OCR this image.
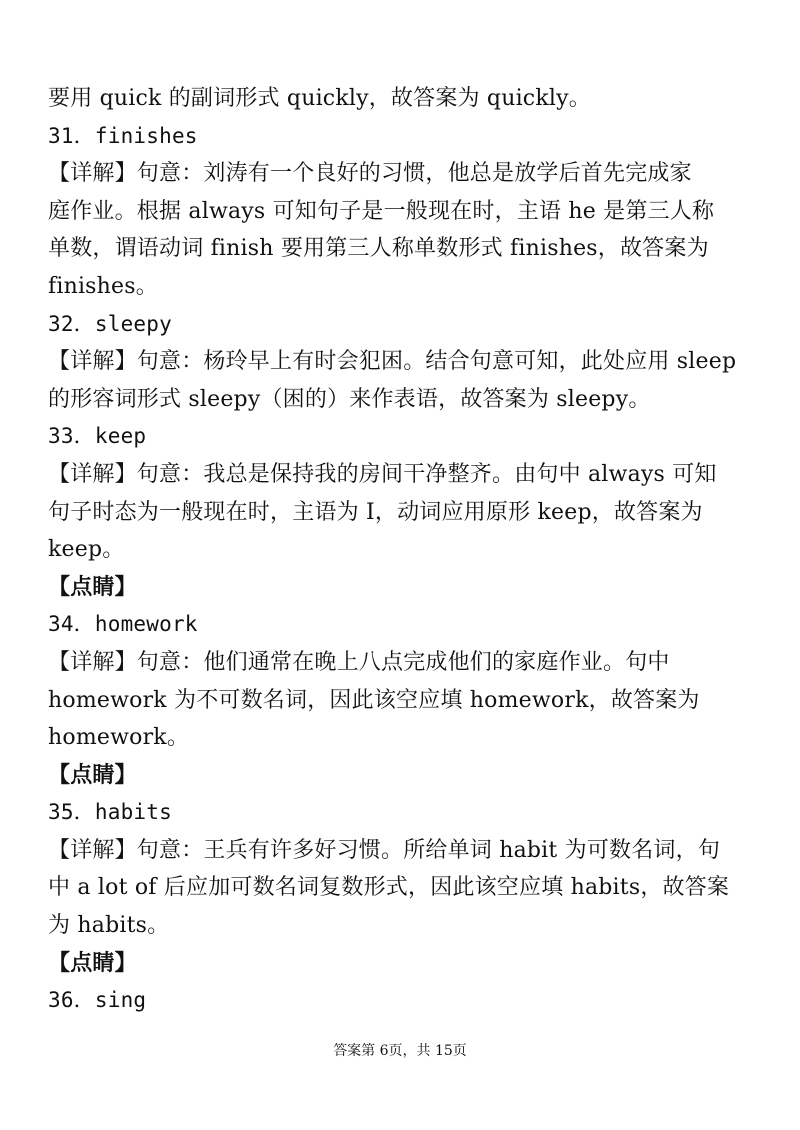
要用 quick 的副词形式 quickly，故答案为 quickly。
31．finishes
【详解】句意：刘涛有一个良好的习惯，他总是放学后首先完成家
庭作业。根据 always 可知句子是一般现在时，主语 he 是第三人称
单数，谓语动词 finish 要用第三人称单数形式 finishes，故答案为
finishes。
32．sleepy
【详解】句意：杨玲早上有时会犯困。结合句意可知，此处应用 sleep
的形容词形式 sleepy（困的）来作表语，故答案为 sleepy。
33．keep
【详解】句意：我总是保持我的房间干净整齐。由句中 always 可知
句子时态为一般现在时，主语为 I，动词应用原形 keep，故答案为
keep。
【点睛】
34．homework
【详解】句意：他们通常在晚上八点完成他们的家庭作业。句中
homework 为不可数名词，因此该空应填 homework，故答案为
homework。
【点睛】
35．habits
【详解】句意：王兵有许多好习惯。所给单词 habit 为可数名词，句
中 a lot of 后应加可数名词复数形式，因此该空应填 habits，故答案
为 habits。
【点睛】
36．sing
答案第 6页，共 15页
